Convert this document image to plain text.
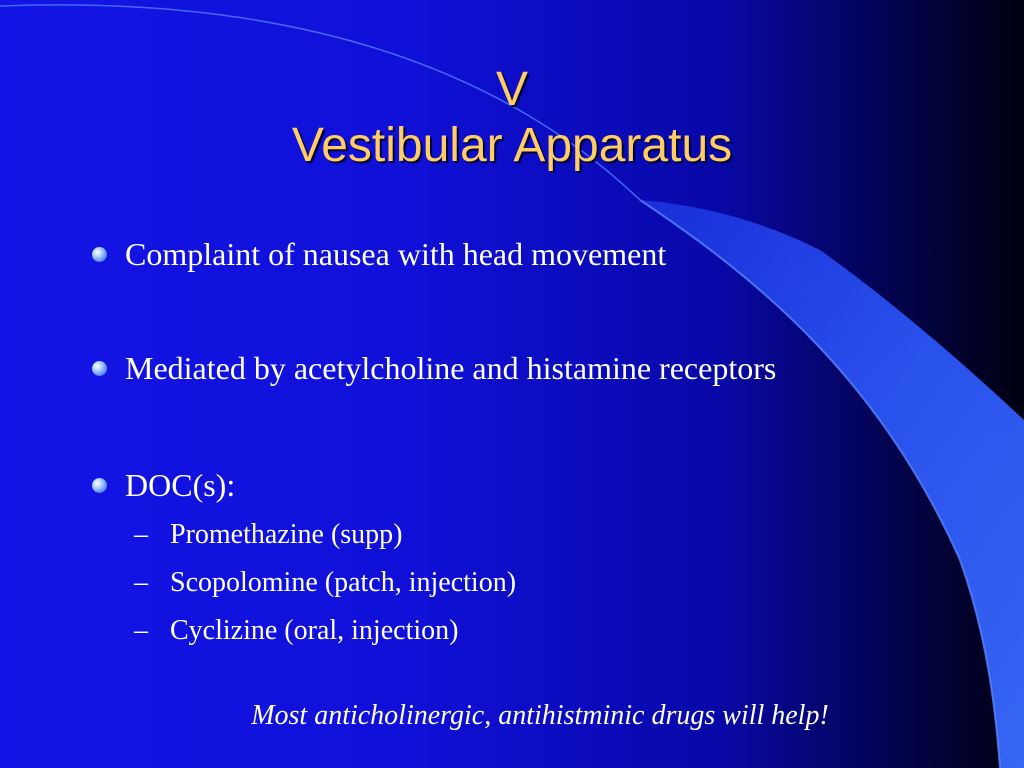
V
Vestibular Apparatus
Complaint of nausea with head movement
Mediated by acetylcholine and histamine receptors
DOC(s):
– Promethazine (supp)
– Scopolomine (patch, injection)
– Cyclizine (oral, injection)
Most anticholinergic, antihistminic drugs will help!
